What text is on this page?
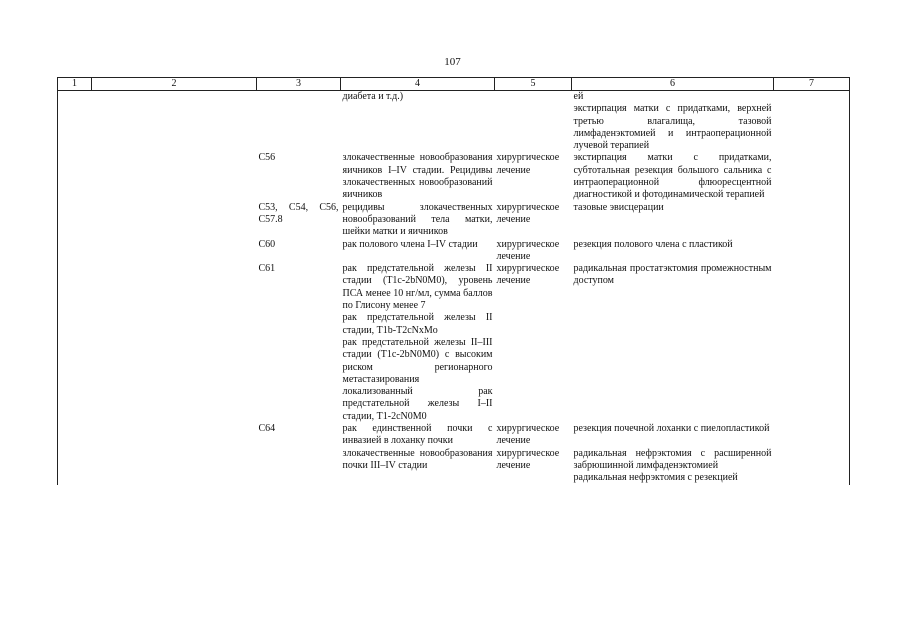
107
1	2	3	4	5	6	7

			диабета и т.д.)		ей
экстирпация матки с придатками, верхней третью влагалища, тазовой лимфаденэктомией и интраоперационной лучевой терапией	

		C56	злокачественные новообразования яичников I–IV стадии. Рецидивы злокачественных новообразований яичников	хирургическое лечение	экстирпация матки с придатками, субтотальная резекция большого сальника с интраоперационной флюоресцентной диагностикой и фотодинамической терапией	

		C53, C54, C56, C57.8	рецидивы злокачественных новообразований тела матки, шейки матки и яичников	хирургическое лечение	тазовые эвисцерации	

		C60	рак полового члена I–IV стадии	хирургическое лечение	резекция полового члена с пластикой	

		C61	рак предстательной железы II стадии (T1c-2bN0M0), уровень ПСА менее 10 нг/мл, сумма баллов по Глисону менее 7
рак предстательной железы II стадии, T1b-T2cNxMo
рак предстательной железы II–III стадии (T1c-2bN0M0) с высоким риском регионарного метастазирования
локализованный рак предстательной железы I–II стадии, T1-2cN0M0	хирургическое лечение	радикальная простатэктомия промежностным доступом	

		C64	рак единственной почки с инвазией в лоханку почки	хирургическое лечение	резекция почечной лоханки с пиелопластикой	

			злокачественные новообразования почки III–IV стадии	хирургическое лечение	радикальная нефрэктомия с расширенной забрюшинной лимфаденэктомией
радикальная нефрэктомия с резекцией	
